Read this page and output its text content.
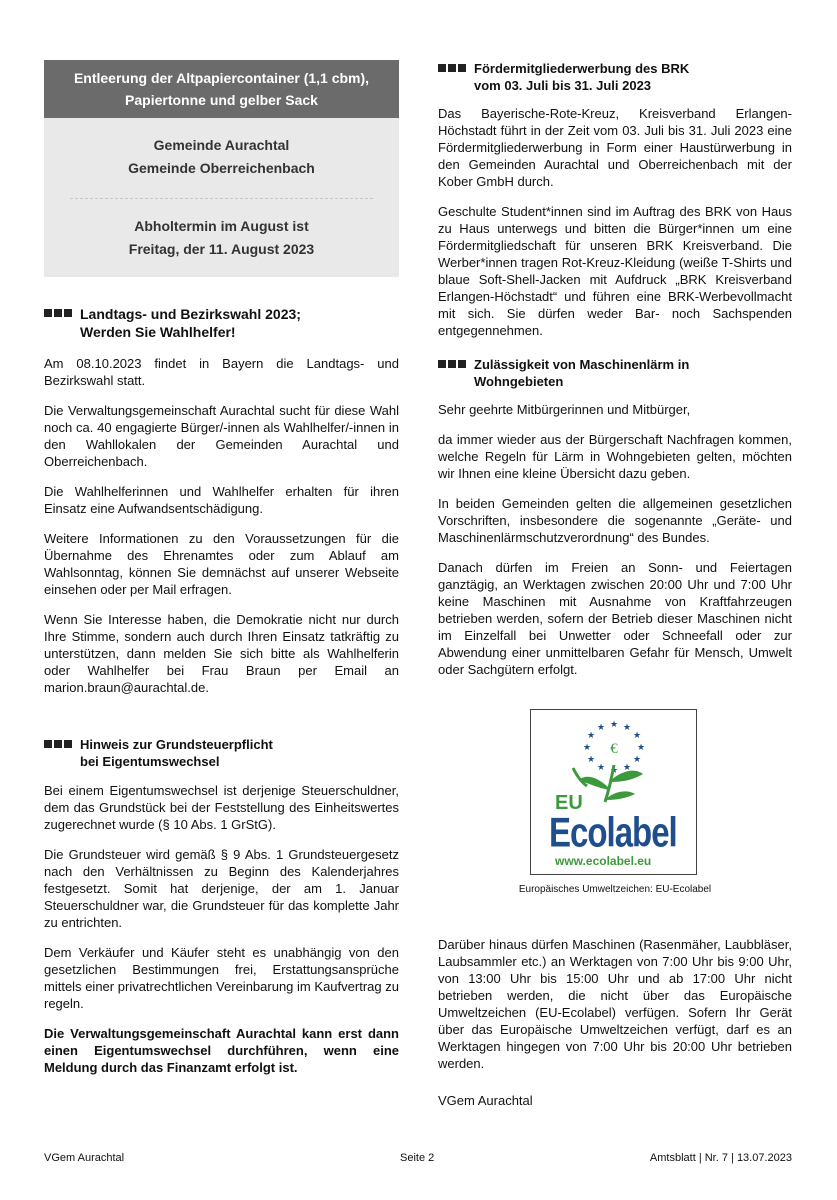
Entleerung der Altpapiercontainer (1,1 cbm),
Papiertonne und gelber Sack
Gemeinde Aurachtal
Gemeinde Oberreichenbach
Abholtermin im August ist
Freitag, der 11. August 2023
Landtags- und Bezirkswahl 2023;
Werden Sie Wahlhelfer!

Am 08.10.2023 findet in Bayern die Landtags- und Bezirkswahl statt.

Die Verwaltungsgemeinschaft Aurachtal sucht für diese Wahl noch ca. 40 engagierte Bürger/-innen als Wahlhelfer/-innen in den Wahllokalen der Gemeinden Aurachtal und Oberreichenbach.

Die Wahlhelferinnen und Wahlhelfer erhalten für ihren Einsatz eine Aufwandsentschädigung.

Weitere Informationen zu den Voraussetzungen für die Übernahme des Ehrenamtes oder zum Ablauf am Wahlsonntag, können Sie demnächst auf unserer Webseite einsehen oder per Mail erfragen.

Wenn Sie Interesse haben, die Demokratie nicht nur durch Ihre Stimme, sondern auch durch Ihren Einsatz tatkräftig zu unterstützen, dann melden Sie sich bitte als Wahlhelferin oder Wahlhelfer bei Frau Braun per Email an marion.braun@aurachtal.de.

Hinweis zur Grundsteuerpflicht
bei Eigentumswechsel

Bei einem Eigentumswechsel ist derjenige Steuerschuldner, dem das Grundstück bei der Feststellung des Einheitswertes zugerechnet wurde (§ 10 Abs. 1 GrStG).

Die Grundsteuer wird gemäß § 9 Abs. 1 Grundsteuergesetz nach den Verhältnissen zu Beginn des Kalenderjahres festgesetzt. Somit hat derjenige, der am 1. Januar Steuerschuldner war, die Grundsteuer für das komplette Jahr zu entrichten.

Dem Verkäufer und Käufer steht es unabhängig von den gesetzlichen Bestimmungen frei, Erstattungsansprüche mittels einer privatrechtlichen Vereinbarung im Kaufvertrag zu regeln.

Die Verwaltungsgemeinschaft Aurachtal kann erst dann einen Eigentumswechsel durchführen, wenn eine Meldung durch das Finanzamt erfolgt ist.

Fördermitgliederwerbung des BRK
vom 03. Juli bis 31. Juli 2023

Das Bayerische-Rote-Kreuz, Kreisverband Erlangen-Höchstadt führt in der Zeit vom 03. Juli bis 31. Juli 2023 eine Fördermitgliederwerbung in Form einer Haustürwerbung in den Gemeinden Aurachtal und Oberreichenbach mit der Kober GmbH durch.

Geschulte Student*innen sind im Auftrag des BRK von Haus zu Haus unterwegs und bitten die Bürger*innen um eine Fördermitgliedschaft für unseren BRK Kreisverband. Die Werber*innen tragen Rot-Kreuz-Kleidung (weiße T-Shirts und blaue Soft-Shell-Jacken mit Aufdruck „BRK Kreisverband Erlangen-Höchstadt“ und führen eine BRK-Werbevollmacht mit sich. Sie dürfen weder Bar- noch Sachspenden entgegennehmen.

Zulässigkeit von Maschinenlärm in
Wohngebieten

Sehr geehrte Mitbürgerinnen und Mitbürger,

da immer wieder aus der Bürgerschaft Nachfragen kommen, welche Regeln für Lärm in Wohngebieten gelten, möchten wir Ihnen eine kleine Übersicht dazu geben.

In beiden Gemeinden gelten die allgemeinen gesetzlichen Vorschriften, insbesondere die sogenannte „Geräte- und Maschinenlärmschutzverordnung“ des Bundes.

Danach dürfen im Freien an Sonn- und Feiertagen ganztägig, an Werktagen zwischen 20:00 Uhr und 7:00 Uhr keine Maschinen mit Ausnahme von Kraftfahrzeugen betrieben werden, sofern der Betrieb dieser Maschinen nicht im Einzelfall bei Unwetter oder Schneefall oder zur Abwendung einer unmittelbaren Gefahr für Mensch, Umwelt oder Sachgütern erfolgt.

★ ★
★
★
★
★
★
★
★
★
★
★
€
EU
Ecolabel
www.ecolabel.eu
Europäisches Umweltzeichen: EU-Ecolabel

Darüber hinaus dürfen Maschinen (Rasenmäher, Laubbläser, Laubsammler etc.) an Werktagen von 7:00 Uhr bis 9:00 Uhr, von 13:00 Uhr bis 15:00 Uhr und ab 17:00 Uhr nicht betrieben werden, die nicht über das Europäische Umweltzeichen (EU-Ecolabel) verfügen. Sofern Ihr Gerät über das Europäische Umweltzeichen verfügt, darf es an Werktagen hingegen von 7:00 Uhr bis 20:00 Uhr betrieben werden.

VGem Aurachtal

VGem Aurachtal	Seite 2	Amtsblatt | Nr. 7 | 13.07.2023
